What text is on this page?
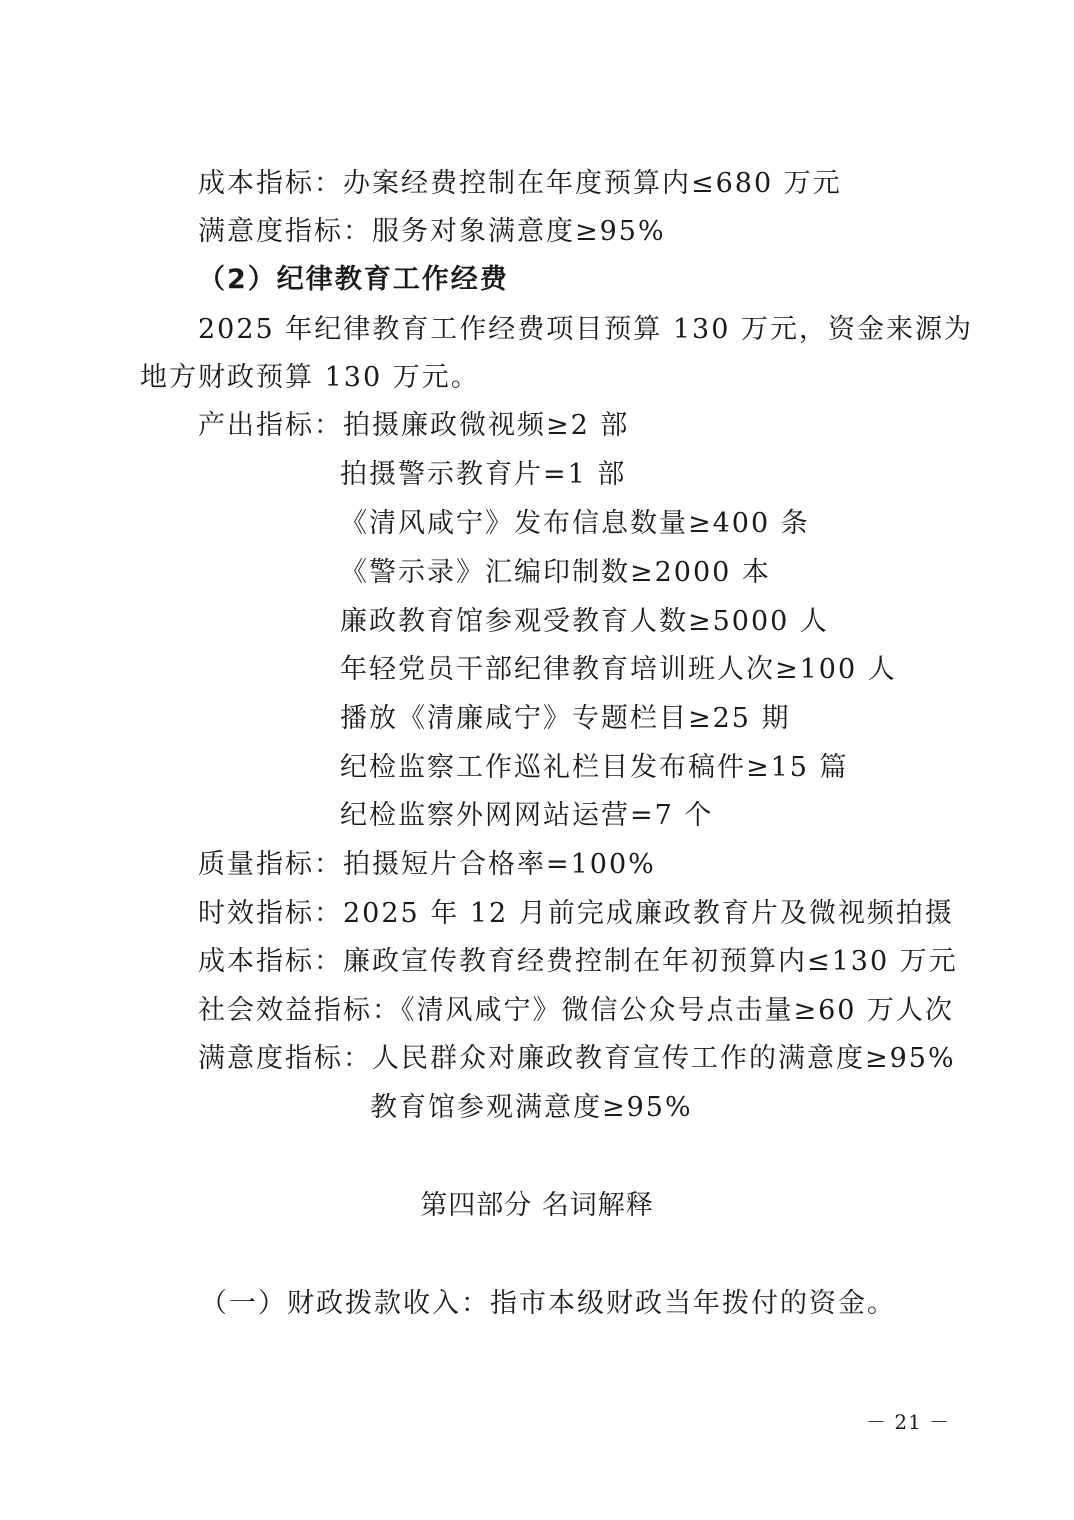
成本指标：办案经费控制在年度预算内≤680 万元
满意度指标：服务对象满意度≥95%
（2）纪律教育工作经费
2025 年纪律教育工作经费项目预算 130 万元，资金来源为
地方财政预算 130 万元。
产出指标：拍摄廉政微视频≥2 部
拍摄警示教育片=1 部
《清风咸宁》发布信息数量≥400 条
《警示录》汇编印制数≥2000 本
廉政教育馆参观受教育人数≥5000 人
年轻党员干部纪律教育培训班人次≥100 人
播放《清廉咸宁》专题栏目≥25 期
纪检监察工作巡礼栏目发布稿件≥15 篇
纪检监察外网网站运营=7 个
质量指标：拍摄短片合格率=100%
时效指标：2025 年 12 月前完成廉政教育片及微视频拍摄
成本指标：廉政宣传教育经费控制在年初预算内≤130 万元
社会效益指标：《清风咸宁》微信公众号点击量≥60 万人次
满意度指标：人民群众对廉政教育宣传工作的满意度≥95%
教育馆参观满意度≥95%
第四部分 名词解释
（一）财政拨款收入：指市本级财政当年拨付的资金。
－ 21 －
